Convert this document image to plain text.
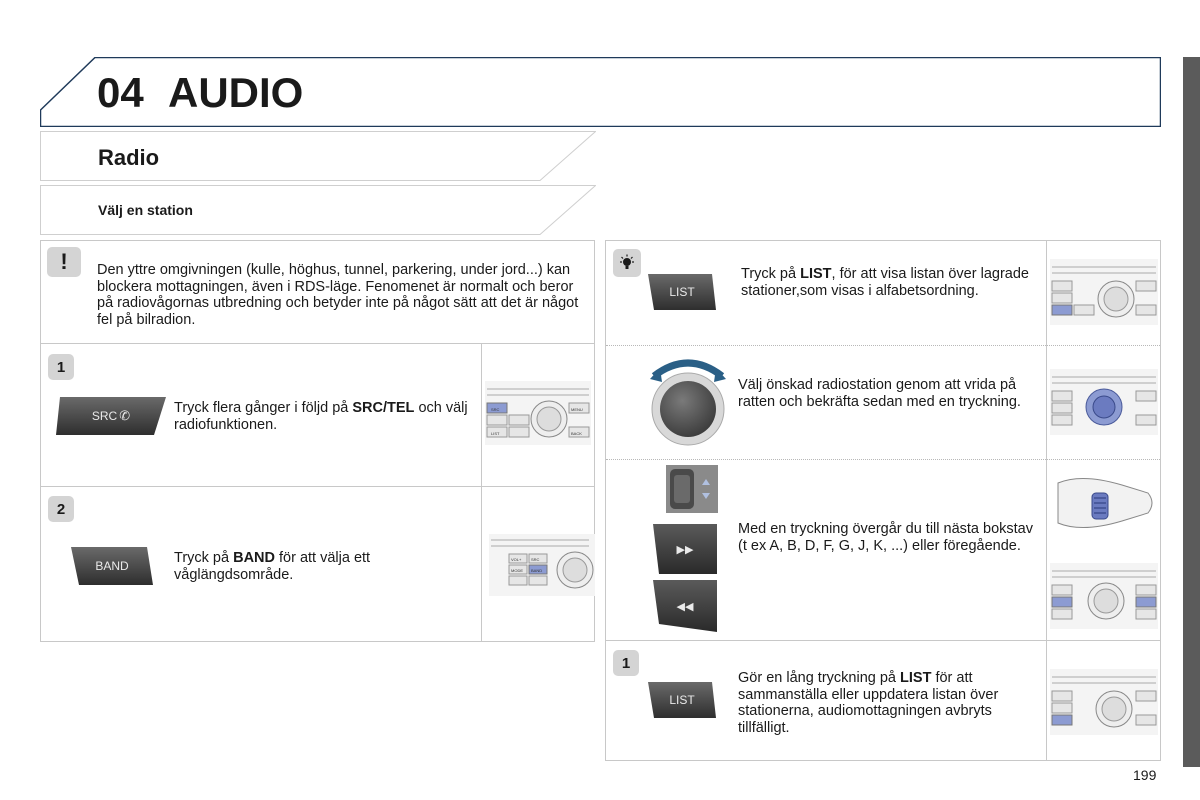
04 AUDIO
Radio
Välj en station
!	Den yttre omgivningen (kulle, höghus, tunnel, parkering, under jord...) kan blockera mottagningen, även i RDS-läge. Fenomenet är normalt och beror på radiovågornas utbredning och betyder inte på något sätt att det är något fel på bilradion.
1
SRC ✆	Tryck flera gånger i följd på SRC/TEL och välj radiofunktionen.
SRC	MENU
LIST	BACK
2
BAND	Tryck på BAND för att välja ett våglängdsområde.
VOL+ SRC
MODE BAND
LIST
Tryck på LIST, för att visa listan över lagrade stationer,som visas i alfabetsordning.
Välj önskad radiostation genom att vrida på ratten och bekräfta sedan med en tryckning.
▶▶
◀◀
Med en tryckning övergår du till nästa bokstav (t ex A, B, D, F, G, J, K, ...) eller föregående.
1
LIST
Gör en lång tryckning på LIST för att sammanställa eller uppdatera listan över stationerna, audiomottagningen avbryts tillfälligt.
199
